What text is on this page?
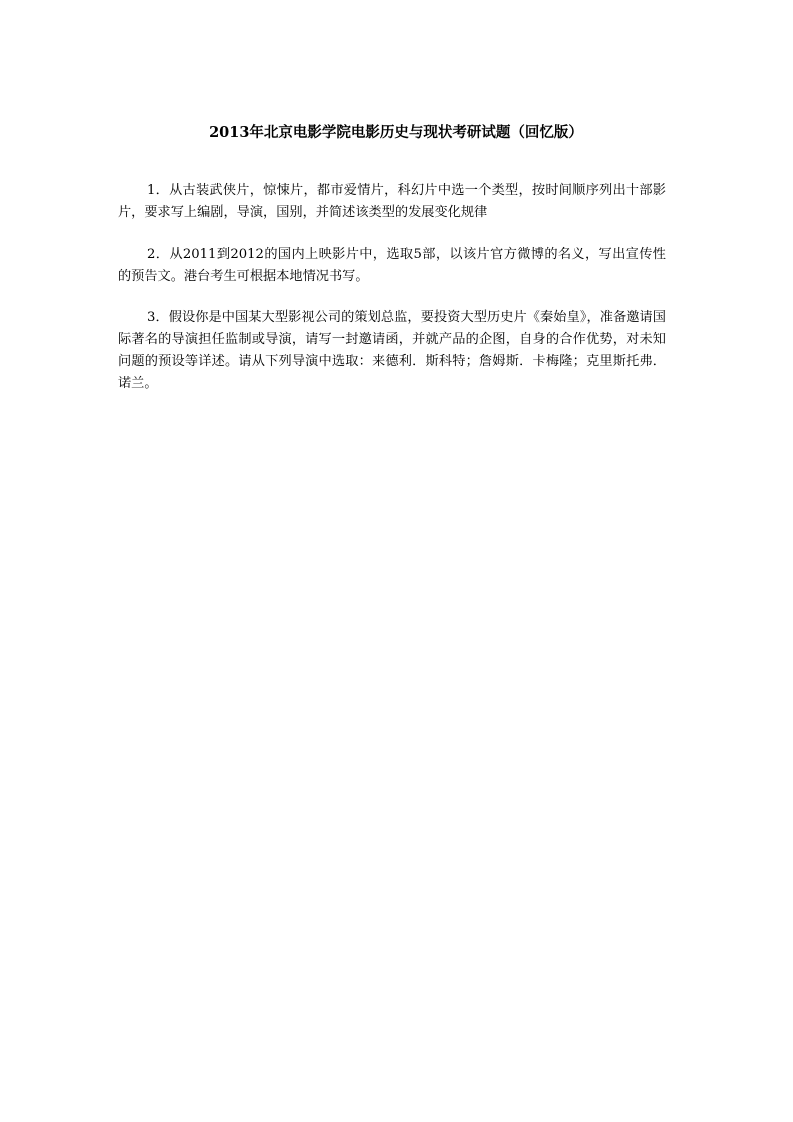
2013年北京电影学院电影历史与现状考研试题（回忆版）

1．从古装武侠片，惊悚片，都市爱情片，科幻片中选一个类型，按时间顺序列出十部影片，要求写上编剧，导演，国别，并简述该类型的发展变化规律

2．从2011到2012的国内上映影片中，选取5部，以该片官方微博的名义，写出宣传性的预告文。港台考生可根据本地情况书写。

3．假设你是中国某大型影视公司的策划总监，要投资大型历史片《秦始皇》，准备邀请国际著名的导演担任监制或导演，请写一封邀请函，并就产品的企图，自身的合作优势，对未知问题的预设等详述。请从下列导演中选取：来德利．斯科特；詹姆斯．卡梅隆；克里斯托弗．诺兰。
